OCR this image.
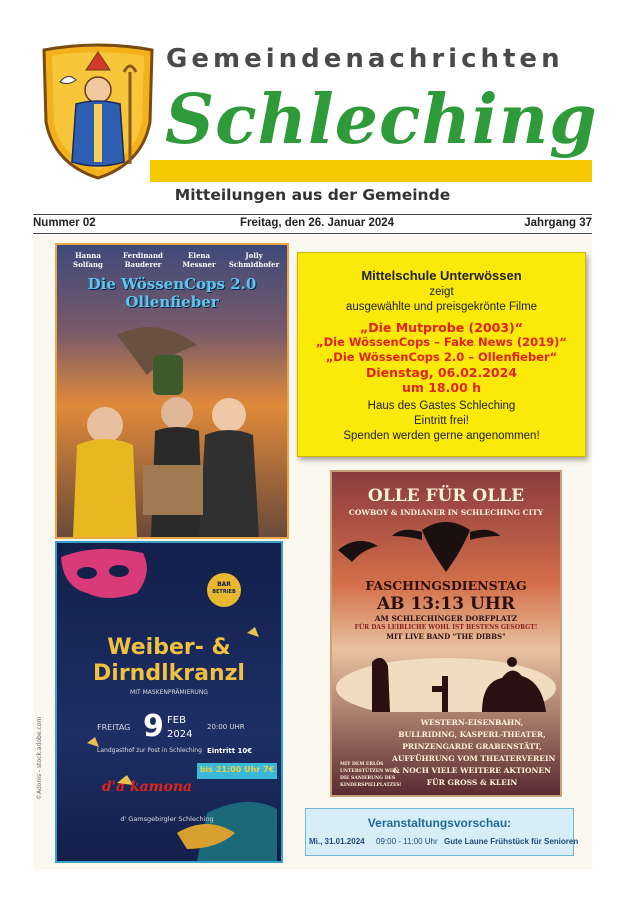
Gemeindenachrichten
Schleching
Mitteilungen aus der Gemeinde
Nummer 02	Freitag, den 26. Januar 2024	Jahrgang 37
Hanna	Ferdinand	Elena	Jolly
Solfang	Bauderer	Messner	Schmidhofer
Die WössenCops 2.0
Ollenfieber
Mittelschule Unterwössen
zeigt
ausgewählte und preisgekrönte Filme
„Die Mutprobe (2003)“
„Die WössenCops – Fake News (2019)“
„Die WössenCops 2.0 – Ollenfieber“
Dienstag, 06.02.2024
um 18.00 h
Haus des Gastes Schleching
Eintritt frei!
Spenden werden gerne angenommen!
OLLE FÜR OLLE
COWBOY & INDIANER IN SCHLECHING CITY
FASCHINGSDIENSTAG
AB 13:13 UHR
AM SCHLECHINGER DORFPLATZ
FÜR DAS LEIBLICHE WOHL IST BESTENS GESORGT!
MIT LIVE BAND "THE DIBBS"
MIT DEM ERLÖS
UNTERSTÜTZEN WIR
DIE SANIERUNG DES
KINDERSPIELPLATZES!
WESTERN-EISENBAHN,
BULLRIDING, KASPERL-THEATER,
PRINZENGARDE GRABENSTÄTT,
AUFFÜHRUNG VOM THEATERVEREIN
& NOCH VIELE WEITERE AKTIONEN
FÜR GROSS & KLEIN
BAR
BETRIEB
Weiber- &
Dirndlkranzl
MIT MASKENPRÄMIERUNG
FREITAG 9 FEB
2024
20:00 UHR
Landgasthof zur Post in Schleching Eintritt 10€
bis 21:00 Uhr 7€
d'a kamona
d' Gamsgebirgler Schleching
©Adonis - stock.adobe.com
Veranstaltungsvorschau:
Mi., 31.01.2024 09:00 - 11:00 Uhr Gute Laune Frühstück für Senioren
